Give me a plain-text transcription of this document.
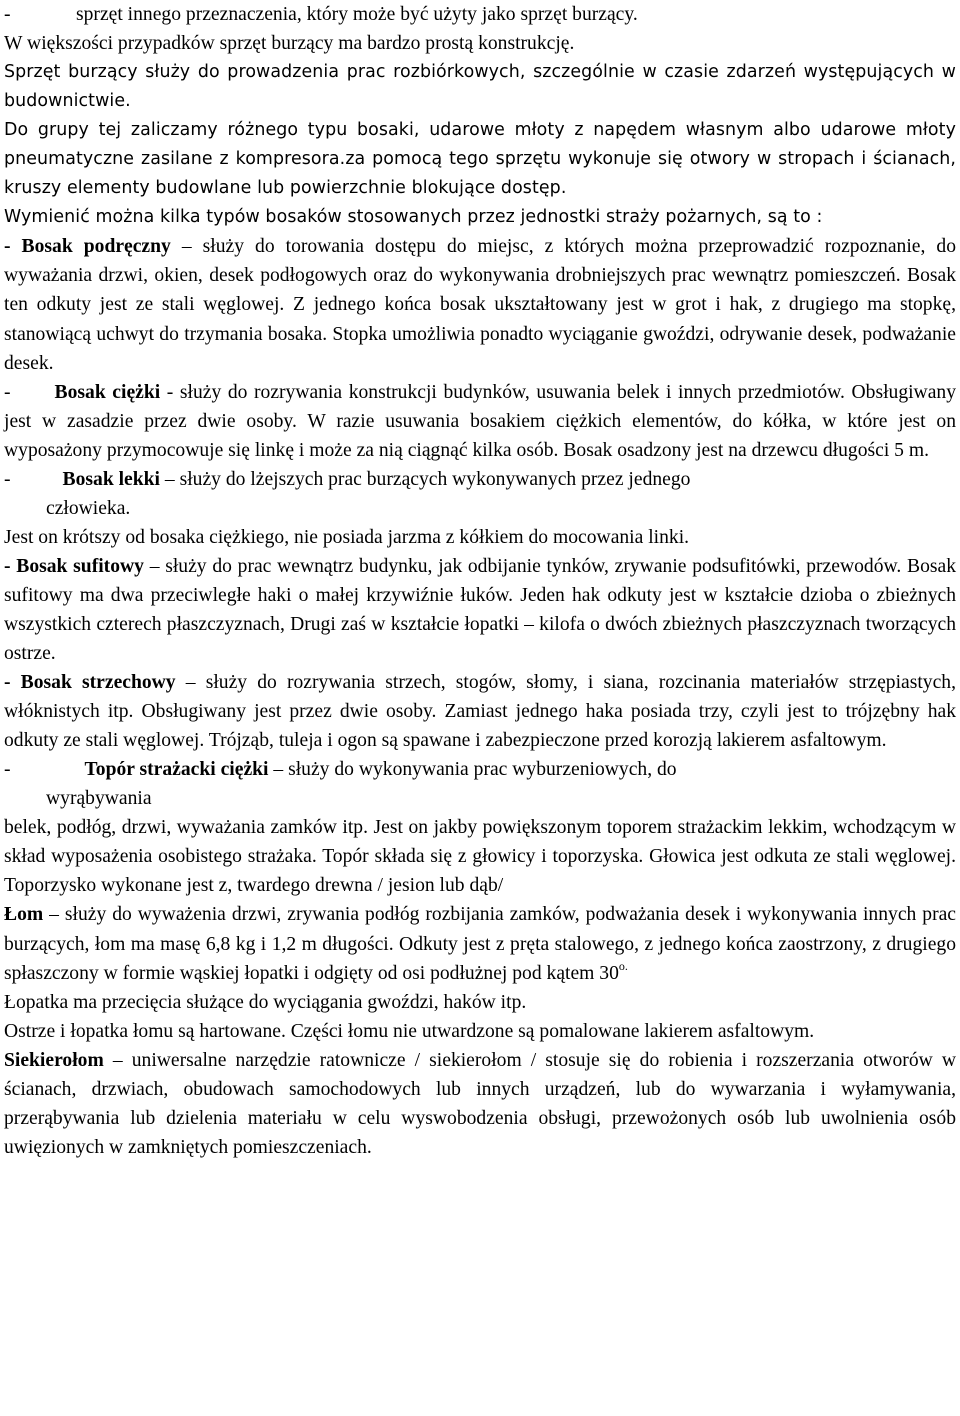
-	sprzęt innego przeznaczenia, który może być użyty jako sprzęt burzący.

W większości przypadków sprzęt burzący ma bardzo prostą konstrukcję.

Sprzęt burzący służy do prowadzenia prac rozbiórkowych, szczególnie w czasie zdarzeń występujących w budownictwie.

Do grupy tej zaliczamy różnego typu bosaki, udarowe młoty z napędem własnym albo udarowe młoty pneumatyczne zasilane z kompresora.za pomocą tego sprzętu wykonuje się otwory w stropach i ścianach, kruszy elementy budowlane lub powierzchnie blokujące dostęp.

Wymienić można kilka typów bosaków stosowanych przez jednostki straży pożarnych, są to :

- Bosak podręczny – służy do torowania dostępu do miejsc, z których można przeprowadzić rozpoznanie, do wyważania drzwi, okien, desek podłogowych oraz do wykonywania drobniejszych prac wewnątrz pomieszczeń. Bosak ten odkuty jest ze stali węglowej. Z jednego końca bosak ukształtowany jest w grot i hak, z drugiego ma stopkę, stanowiącą uchwyt do trzymania bosaka. Stopka umożliwia ponadto wyciąganie gwoździ, odrywanie desek, podważanie desek.

- Bosak ciężki - służy do rozrywania konstrukcji budynków, usuwania belek i innych przedmiotów. Obsługiwany jest w zasadzie przez dwie osoby. W razie usuwania bosakiem ciężkich elementów, do kółka, w które jest on wyposażony przymocowuje się linkę i może za nią ciągnąć kilka osób. Bosak osadzony jest na drzewcu długości 5 m.

-	Bosak lekki – służy do lżejszych prac burzących wykonywanych przez jednego

człowieka.

Jest on krótszy od bosaka ciężkiego, nie posiada jarzma z kółkiem do mocowania linki.

- Bosak sufitowy – służy do prac wewnątrz budynku, jak odbijanie tynków, zrywanie podsufitówki, przewodów. Bosak sufitowy ma dwa przeciwległe haki o małej krzywiźnie łuków. Jeden hak odkuty jest w kształcie dzioba o zbieżnych wszystkich czterech płaszczyznach, Drugi zaś w kształcie łopatki – kilofa o dwóch zbieżnych płaszczyznach tworzących ostrze.

- Bosak strzechowy – służy do rozrywania strzech, stogów, słomy, i siana, rozcinania materiałów strzępiastych, włóknistych itp. Obsługiwany jest przez dwie osoby. Zamiast jednego haka posiada trzy, czyli jest to trójzębny hak odkuty ze stali węglowej. Trójząb, tuleja i ogon są spawane i zabezpieczone przed korozją lakierem asfaltowym.

-	Topór strażacki ciężki – służy do wykonywania prac wyburzeniowych, do

wyrąbywania

belek, podłóg, drzwi, wyważania zamków itp. Jest on jakby powiększonym toporem strażackim lekkim, wchodzącym w skład wyposażenia osobistego strażaka. Topór składa się z głowicy i toporzyska. Głowica jest odkuta ze stali węglowej. Toporzysko wykonane jest z, twardego drewna / jesion lub dąb/

Łom – służy do wyważenia drzwi, zrywania podłóg rozbijania zamków, podważania desek i wykonywania innych prac burzących, łom ma masę 6,8 kg i 1,2 m długości. Odkuty jest z pręta stalowego, z jednego końca zaostrzony, z drugiego spłaszczony w formie wąskiej łopatki i odgięty od osi podłużnej pod kątem $30^{o.}$

Łopatka ma przecięcia służące do wyciągania gwoździ, haków itp.

Ostrze i łopatka łomu są hartowane. Części łomu nie utwardzone są pomalowane lakierem asfaltowym.

Siekierołom – uniwersalne narzędzie ratownicze / siekierołom / stosuje się do robienia i rozszerzania otworów w ścianach, drzwiach, obudowach samochodowych lub innych urządzeń, lub do wywarzania i wyłamywania, przerąbywania lub dzielenia materiału w celu wyswobodzenia obsługi, przewożonych osób lub uwolnienia osób uwięzionych w zamkniętych pomieszczeniach.
